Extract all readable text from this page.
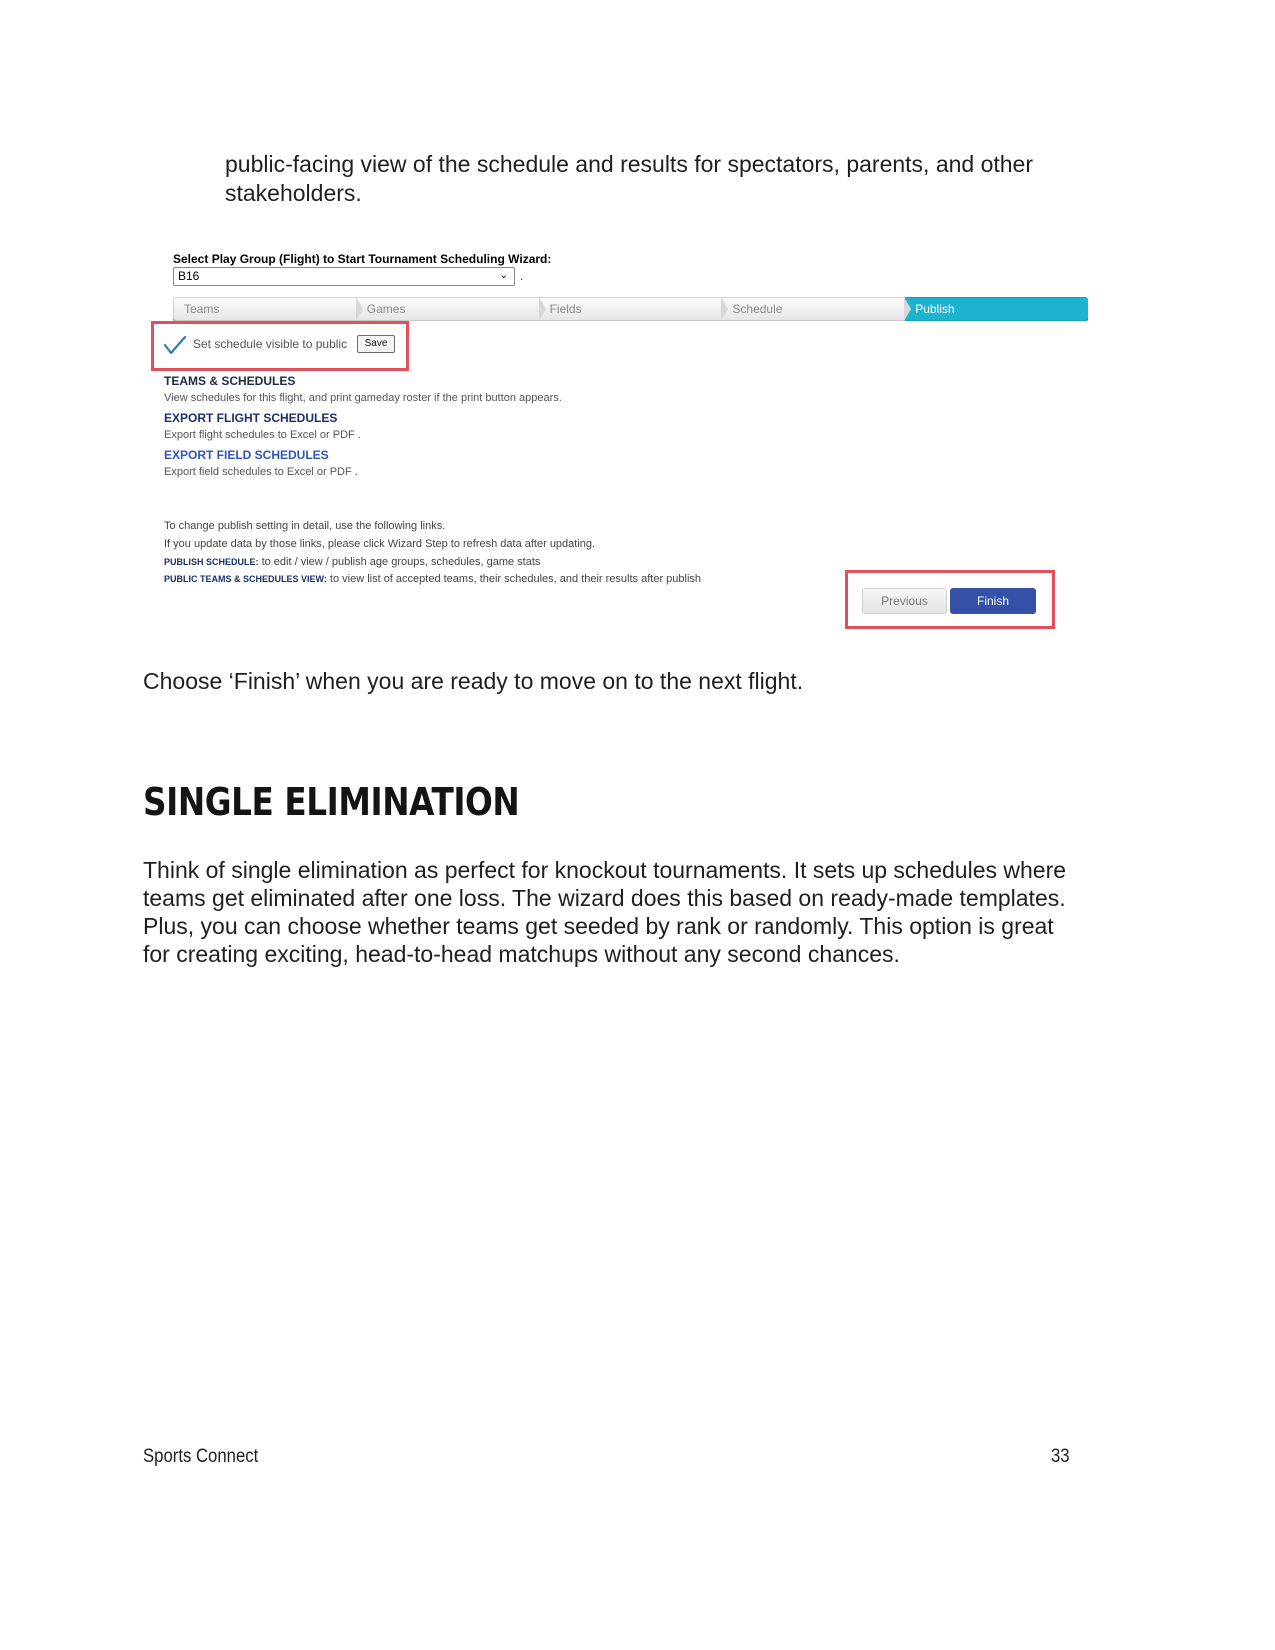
public-facing view of the schedule and results for spectators, parents, and other stakeholders.
Select Play Group (Flight) to Start Tournament Scheduling Wizard:
B16	⌄ .
Teams	Games	Fields	Schedule	Publish
Set schedule visible to public	Save
TEAMS & SCHEDULES
View schedules for this flight, and print gameday roster if the print button appears.
EXPORT FLIGHT SCHEDULES
Export flight schedules to Excel or PDF .
EXPORT FIELD SCHEDULES
Export field schedules to Excel or PDF .
To change publish setting in detail, use the following links.
If you update data by those links, please click Wizard Step to refresh data after updating.
PUBLISH SCHEDULE: to edit / view / publish age groups, schedules, game stats
PUBLIC TEAMS & SCHEDULES VIEW: to view list of accepted teams, their schedules, and their results after publish
Previous	Finish
Choose ‘Finish’ when you are ready to move on to the next flight.
SINGLE ELIMINATION
Think of single elimination as perfect for knockout tournaments. It sets up schedules where teams get eliminated after one loss. The wizard does this based on ready-made templates. Plus, you can choose whether teams get seeded by rank or randomly. This option is great for creating exciting, head-to-head matchups without any second chances.
Sports Connect	33
